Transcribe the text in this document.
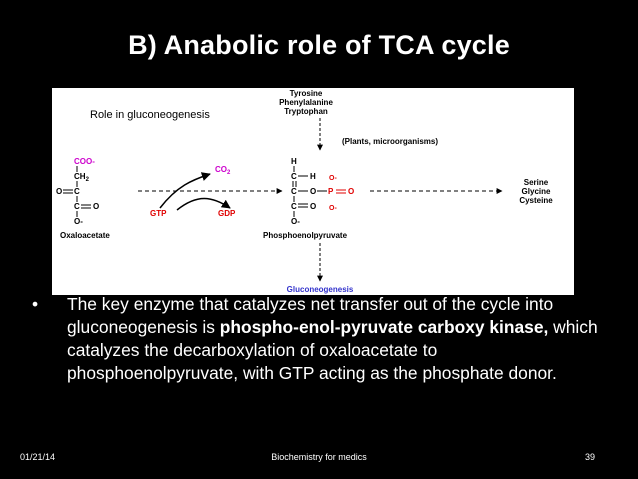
B) Anabolic role of TCA cycle
Tyrosine
Phenylalanine
Tryptophan
(Plants, microorganisms)
COO-
$CH_2$
C
O
C O
O-
Oxaloacetate
$CO_2$
GTP	GDP
H
C H
C O P
O-
O-
O
C O
O-
Phosphoenolpyruvate
Serine
Glycine
Cysteine
Gluconeogenesis
Role in gluconeogenesis
• The key enzyme that catalyzes net transfer out of the cycle into gluconeogenesis is phospho-enol-pyruvate carboxy kinase, which catalyzes the decarboxylation of oxaloacetate to phosphoenolpyruvate, with GTP acting as the phosphate donor.
01/21/14	Biochemistry for medics	39
